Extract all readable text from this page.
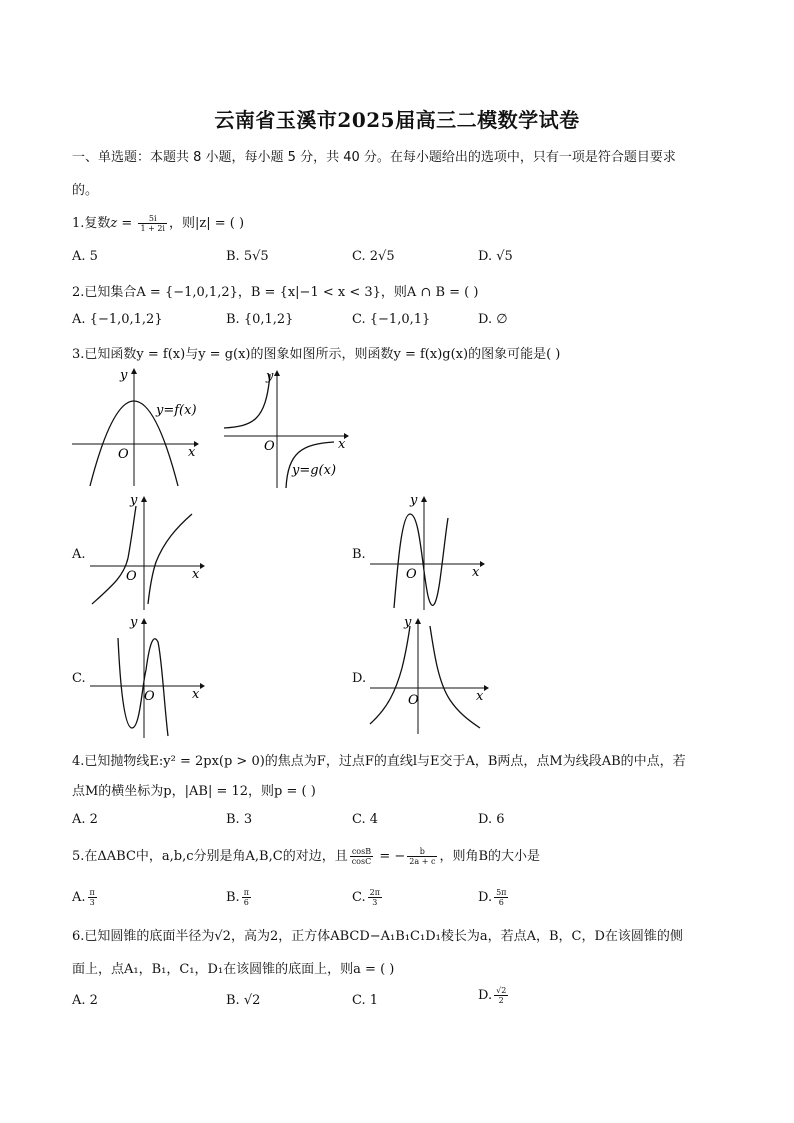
云南省玉溪市2025届高三二模数学试卷
一、单选题：本题共 8 小题，每小题 5 分，共 40 分。在每小题给出的选项中，只有一项是符合题目要求
的。
1.复数$z = \frac{5i}{1 + 2i}$ ，则|z| = ( )
A. 5	B. 5√5	C. 2√5	D. √5
2.已知集合A = {−1,0,1,2}，B = {x|−1 < x < 3}，则A ∩ B = ( )
A. {−1,0,1,2}	B. {0,1,2}	C. {−1,0,1}	D. ∅
3.已知函数y = f(x)与y = g(x)的图象如图所示，则函数y = f(x)g(x)的图象可能是( )
x
y
O
y=f(x)
x
y
O
y=g(x)
A.
x
y
O
B.
x
y
O
C.
x
y
O
D.
x
y
O
4.已知抛物线E:y² = 2px(p > 0)的焦点为F，过点F的直线l与E交于A，B两点，点M为线段AB的中点，若
点M的横坐标为p，|AB| = 12，则p = ( )
A. 2	B. 3	C. 4	D. 6
5.在ΔABC中，a,b,c分别是角A,B,C的对边，且 $\frac{\cos B}{\cos C}$ = − $\frac{b}{2a + c}$ ，则角B的大小是
A. $\frac{\pi}{3}$	B. $\frac{\pi}{6}$	C. $\frac{2\pi}{3}$	D. $\frac{5\pi}{6}$
6.已知圆锥的底面半径为√2，高为2，正方体ABCD−A₁B₁C₁D₁棱长为a，若点A，B，C，D在该圆锥的侧
面上，点A₁，B₁，C₁，D₁在该圆锥的底面上，则a = ( )
A. 2	B. √2	C. 1	D. $\frac{√2}{2}$
